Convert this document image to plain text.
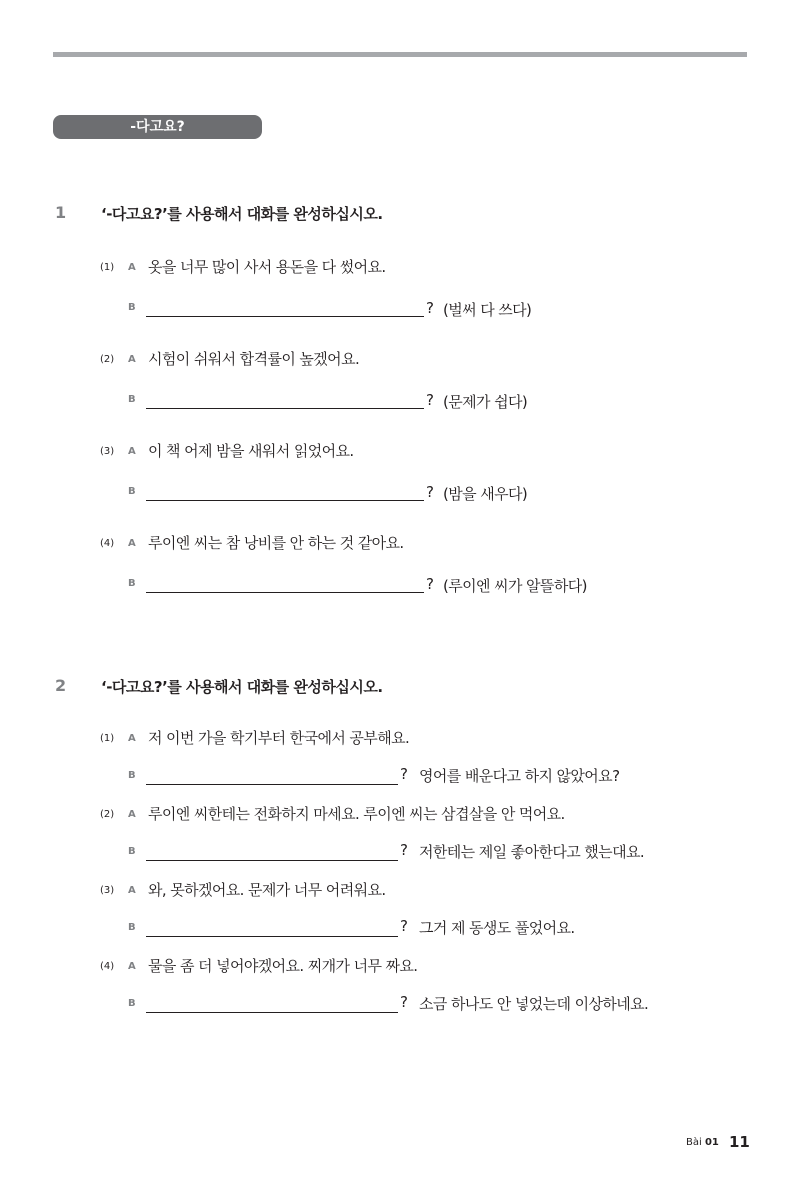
-다고요?
1 ‘-다고요?’를 사용해서 대화를 완성하십시오.
(1) A 옷을 너무 많이 사서 용돈을 다 썼어요.
B	? (벌써 다 쓰다)
(2) A 시험이 쉬워서 합격률이 높겠어요.
B	? (문제가 쉽다)
(3) A 이 책 어제 밤을 새워서 읽었어요.
B	? (밤을 새우다)
(4) A 루이엔 씨는 참 낭비를 안 하는 것 같아요.
B	? (루이엔 씨가 알뜰하다)
2 ‘-다고요?’를 사용해서 대화를 완성하십시오.
(1) A 저 이번 가을 학기부터 한국에서 공부해요.
B	? 영어를 배운다고 하지 않았어요?
(2) A 루이엔 씨한테는 전화하지 마세요. 루이엔 씨는 삼겹살을 안 먹어요.
B	? 저한테는 제일 좋아한다고 했는대요.
(3) A 와, 못하겠어요. 문제가 너무 어려워요.
B	? 그거 제 동생도 풀었어요.
(4) A 물을 좀 더 넣어야겠어요. 찌개가 너무 짜요.
B	? 소금 하나도 안 넣었는데 이상하네요.
Bài 01 11
